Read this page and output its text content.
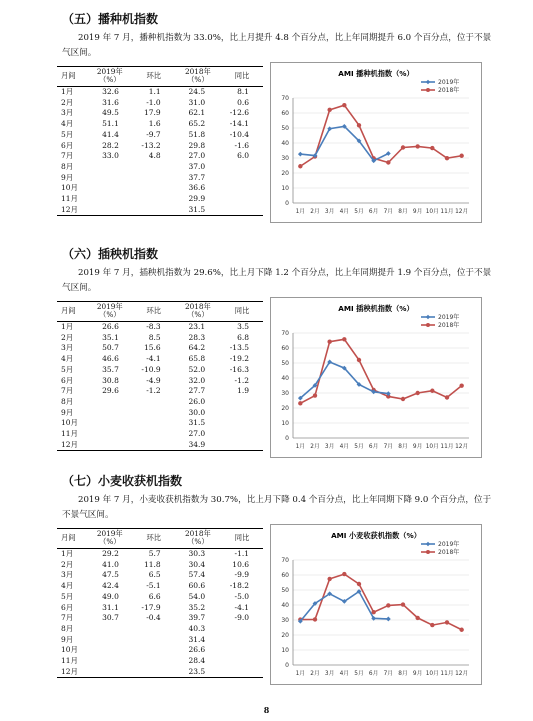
（五）播种机指数
2019 年 7 月，播种机指数为 33.0%，比上月提升 4.8 个百分点，比上年同期提升 6.0 个百分点，位于不景气区间。
月间	2019年
（%）	环比	2018年
（%）	同比
1月	32.6	1.1	24.5	8.1
2月	31.6	-1.0	31.0	0.6
3月	49.5	17.9	62.1	-12.6
4月	51.1	1.6	65.2	-14.1
5月	41.4	-9.7	51.8	-10.4
6月	28.2	-13.2	29.8	-1.6
7月	33.0	4.8	27.0	6.0
8月			37.0	
9月			37.7	
10月			36.6	
11月			29.9	
12月			31.5	
AMI 播种机指数（%）
0
10
20
30
40
50
60
70
1月 2月 3月 4月 5月 6月 7月 8月 9月 10月 11月 12月
2019年
2018年
（六）插秧机指数
2019 年 7 月，插秧机指数为 29.6%，比上月下降 1.2 个百分点，比上年同期提升 1.9 个百分点，位于不景气区间。
月间	2019年
（%）	环比	2018年
（%）	同比
1月	26.6	-8.3	23.1	3.5
2月	35.1	8.5	28.3	6.8
3月	50.7	15.6	64.2	-13.5
4月	46.6	-4.1	65.8	-19.2
5月	35.7	-10.9	52.0	-16.3
6月	30.8	-4.9	32.0	-1.2
7月	29.6	-1.2	27.7	1.9
8月			26.0	
9月			30.0	
10月			31.5	
11月			27.0	
12月			34.9	
AMI 插秧机指数（%）
0
10
20
30
40
50
60
70
1月 2月 3月 4月 5月 6月 7月 8月 9月 10月 11月 12月
2019年
2018年
（七）小麦收获机指数
2019 年 7 月，小麦收获机指数为 30.7%，比上月下降 0.4 个百分点，比上年同期下降 9.0 个百分点，位于不景气区间。
月间	2019年
（%）	环比	2018年
（%）	同比
1月	29.2	5.7	30.3	-1.1
2月	41.0	11.8	30.4	10.6
3月	47.5	6.5	57.4	-9.9
4月	42.4	-5.1	60.6	-18.2
5月	49.0	6.6	54.0	-5.0
6月	31.1	-17.9	35.2	-4.1
7月	30.7	-0.4	39.7	-9.0
8月			40.3	
9月			31.4	
10月			26.6	
11月			28.4	
12月			23.5	
AMI 小麦收获机指数（%）
0
10
20
30
40
50
60
70
1月 2月 3月 4月 5月 6月 7月 8月 9月 10月 11月 12月
2019年
2018年
8
